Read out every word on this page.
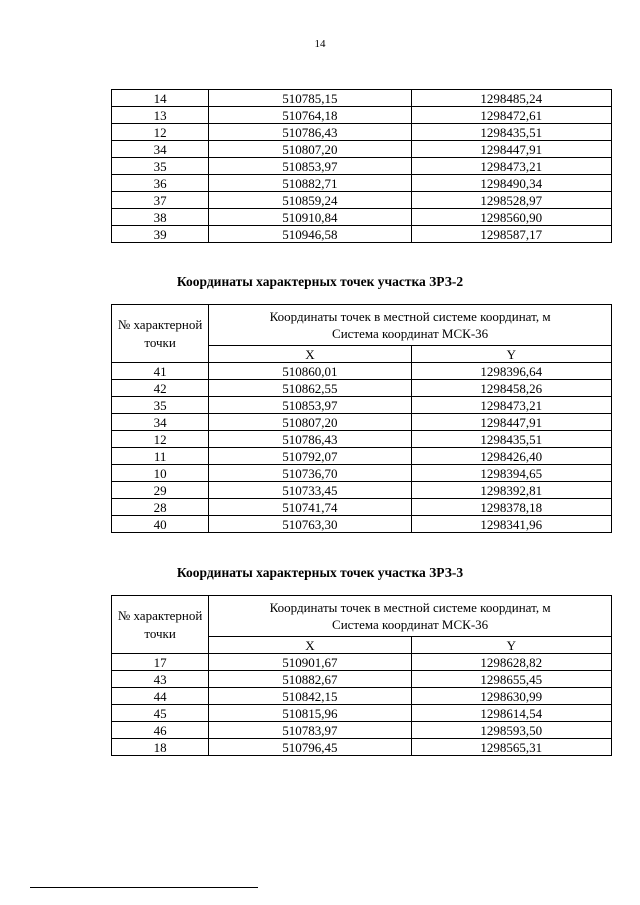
14
14	510785,15	1298485,24
13	510764,18	1298472,61
12	510786,43	1298435,51
34	510807,20	1298447,91
35	510853,97	1298473,21
36	510882,71	1298490,34
37	510859,24	1298528,97
38	510910,84	1298560,90
39	510946,58	1298587,17
Координаты характерных точек участка ЗРЗ-2
№ характерной точки	Координаты точек в местной системе координат, м
Система координат МСК-36	
	X	Y
41	510860,01	1298396,64
42	510862,55	1298458,26
35	510853,97	1298473,21
34	510807,20	1298447,91
12	510786,43	1298435,51
11	510792,07	1298426,40
10	510736,70	1298394,65
29	510733,45	1298392,81
28	510741,74	1298378,18
40	510763,30	1298341,96
Координаты характерных точек участка ЗРЗ-3
№ характерной точки	Координаты точек в местной системе координат, м
Система координат МСК-36	
	X	Y
17	510901,67	1298628,82
43	510882,67	1298655,45
44	510842,15	1298630,99
45	510815,96	1298614,54
46	510783,97	1298593,50
18	510796,45	1298565,31
